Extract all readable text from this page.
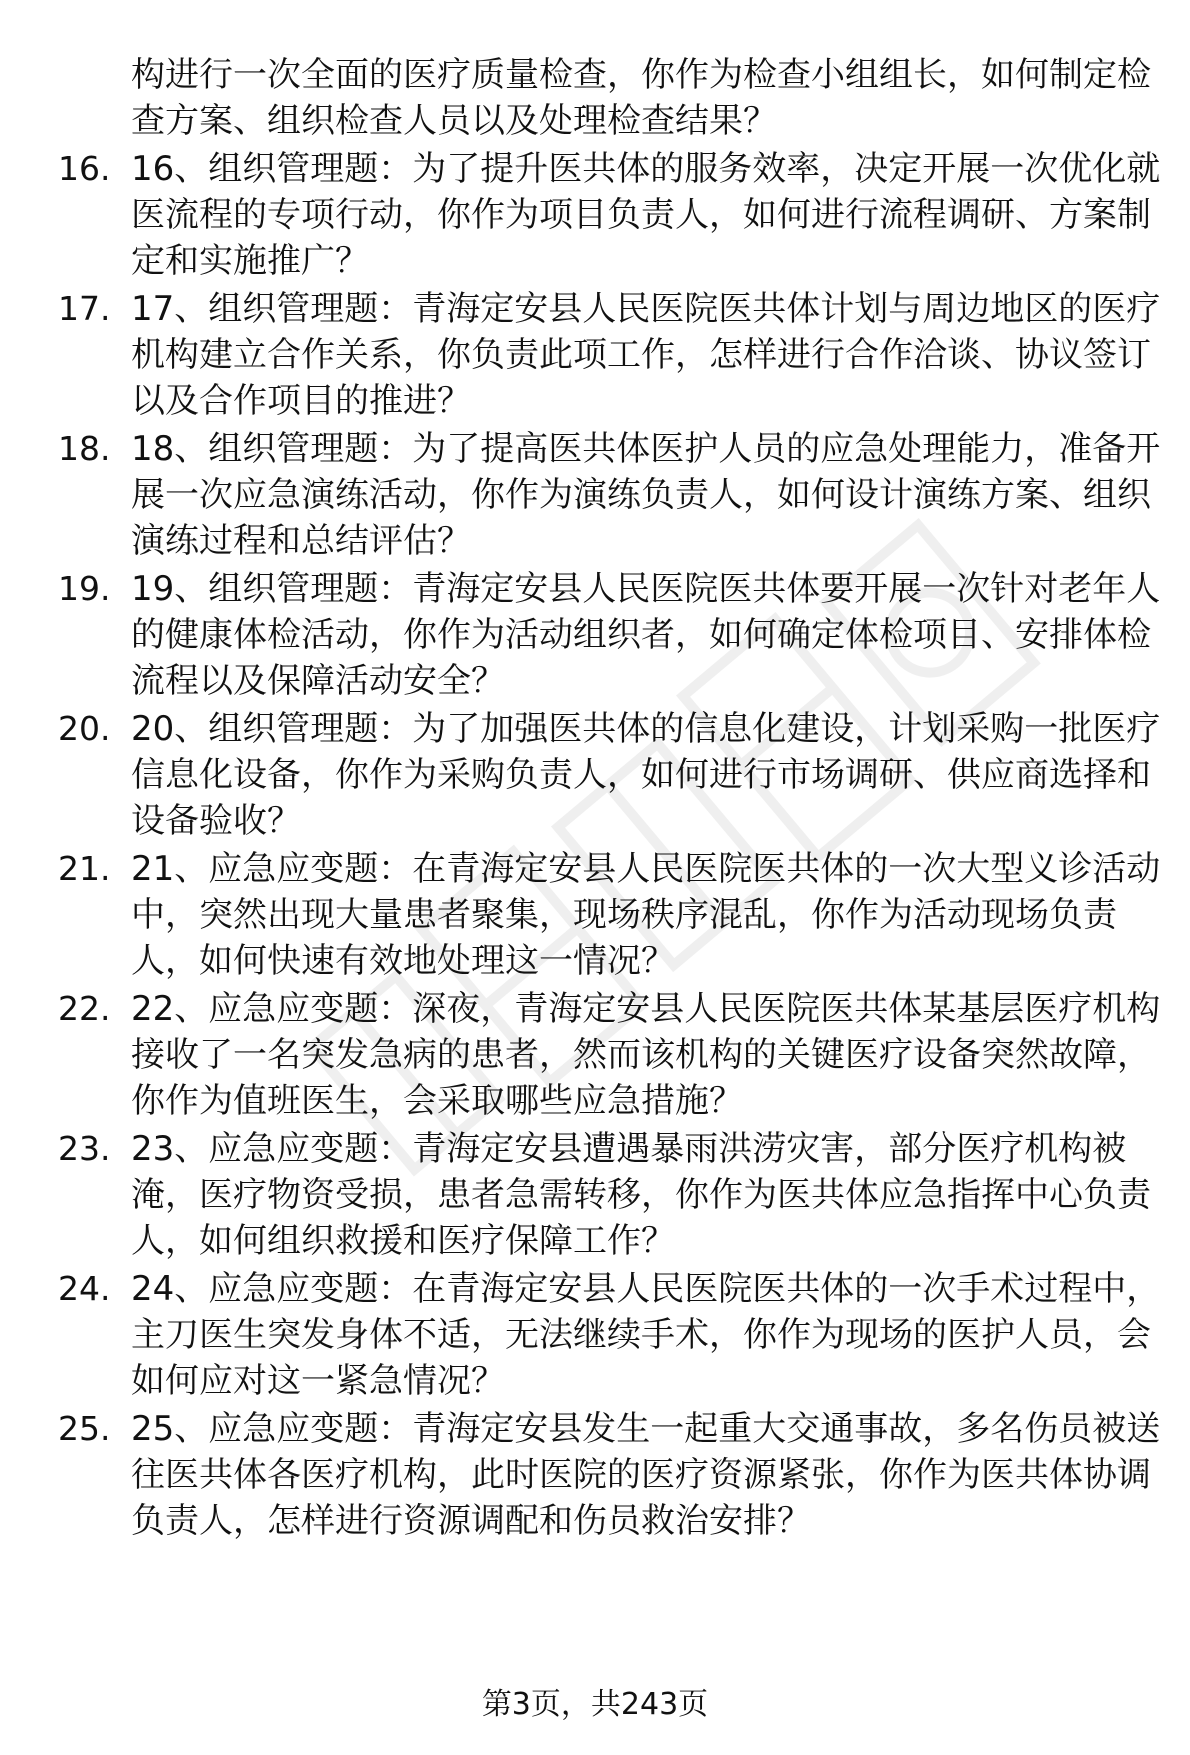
构进行一次全面的医疗质量检查，你作为检查小组组长，如何制定检查方案、组织检查人员以及处理检查结果？
16. 16、组织管理题：为了提升医共体的服务效率，决定开展一次优化就医流程的专项行动，你作为项目负责人，如何进行流程调研、方案制定和实施推广？
17. 17、组织管理题：青海定安县人民医院医共体计划与周边地区的医疗机构建立合作关系，你负责此项工作，怎样进行合作洽谈、协议签订以及合作项目的推进？
18. 18、组织管理题：为了提高医共体医护人员的应急处理能力，准备开展一次应急演练活动，你作为演练负责人，如何设计演练方案、组织演练过程和总结评估？
19. 19、组织管理题：青海定安县人民医院医共体要开展一次针对老年人的健康体检活动，你作为活动组织者，如何确定体检项目、安排体检流程以及保障活动安全？
20. 20、组织管理题：为了加强医共体的信息化建设，计划采购一批医疗信息化设备，你作为采购负责人，如何进行市场调研、供应商选择和设备验收？
21. 21、应急应变题：在青海定安县人民医院医共体的一次大型义诊活动中，突然出现大量患者聚集，现场秩序混乱，你作为活动现场负责人，如何快速有效地处理这一情况？
22. 22、应急应变题：深夜，青海定安县人民医院医共体某基层医疗机构接收了一名突发急病的患者，然而该机构的关键医疗设备突然故障，你作为值班医生，会采取哪些应急措施？
23. 23、应急应变题：青海定安县遭遇暴雨洪涝灾害，部分医疗机构被淹，医疗物资受损，患者急需转移，你作为医共体应急指挥中心负责人，如何组织救援和医疗保障工作？
24. 24、应急应变题：在青海定安县人民医院医共体的一次手术过程中，主刀医生突发身体不适，无法继续手术，你作为现场的医护人员，会如何应对这一紧急情况？
25. 25、应急应变题：青海定安县发生一起重大交通事故，多名伤员被送往医共体各医疗机构，此时医院的医疗资源紧张，你作为医共体协调负责人，怎样进行资源调配和伤员救治安排？
第3页，共243页
